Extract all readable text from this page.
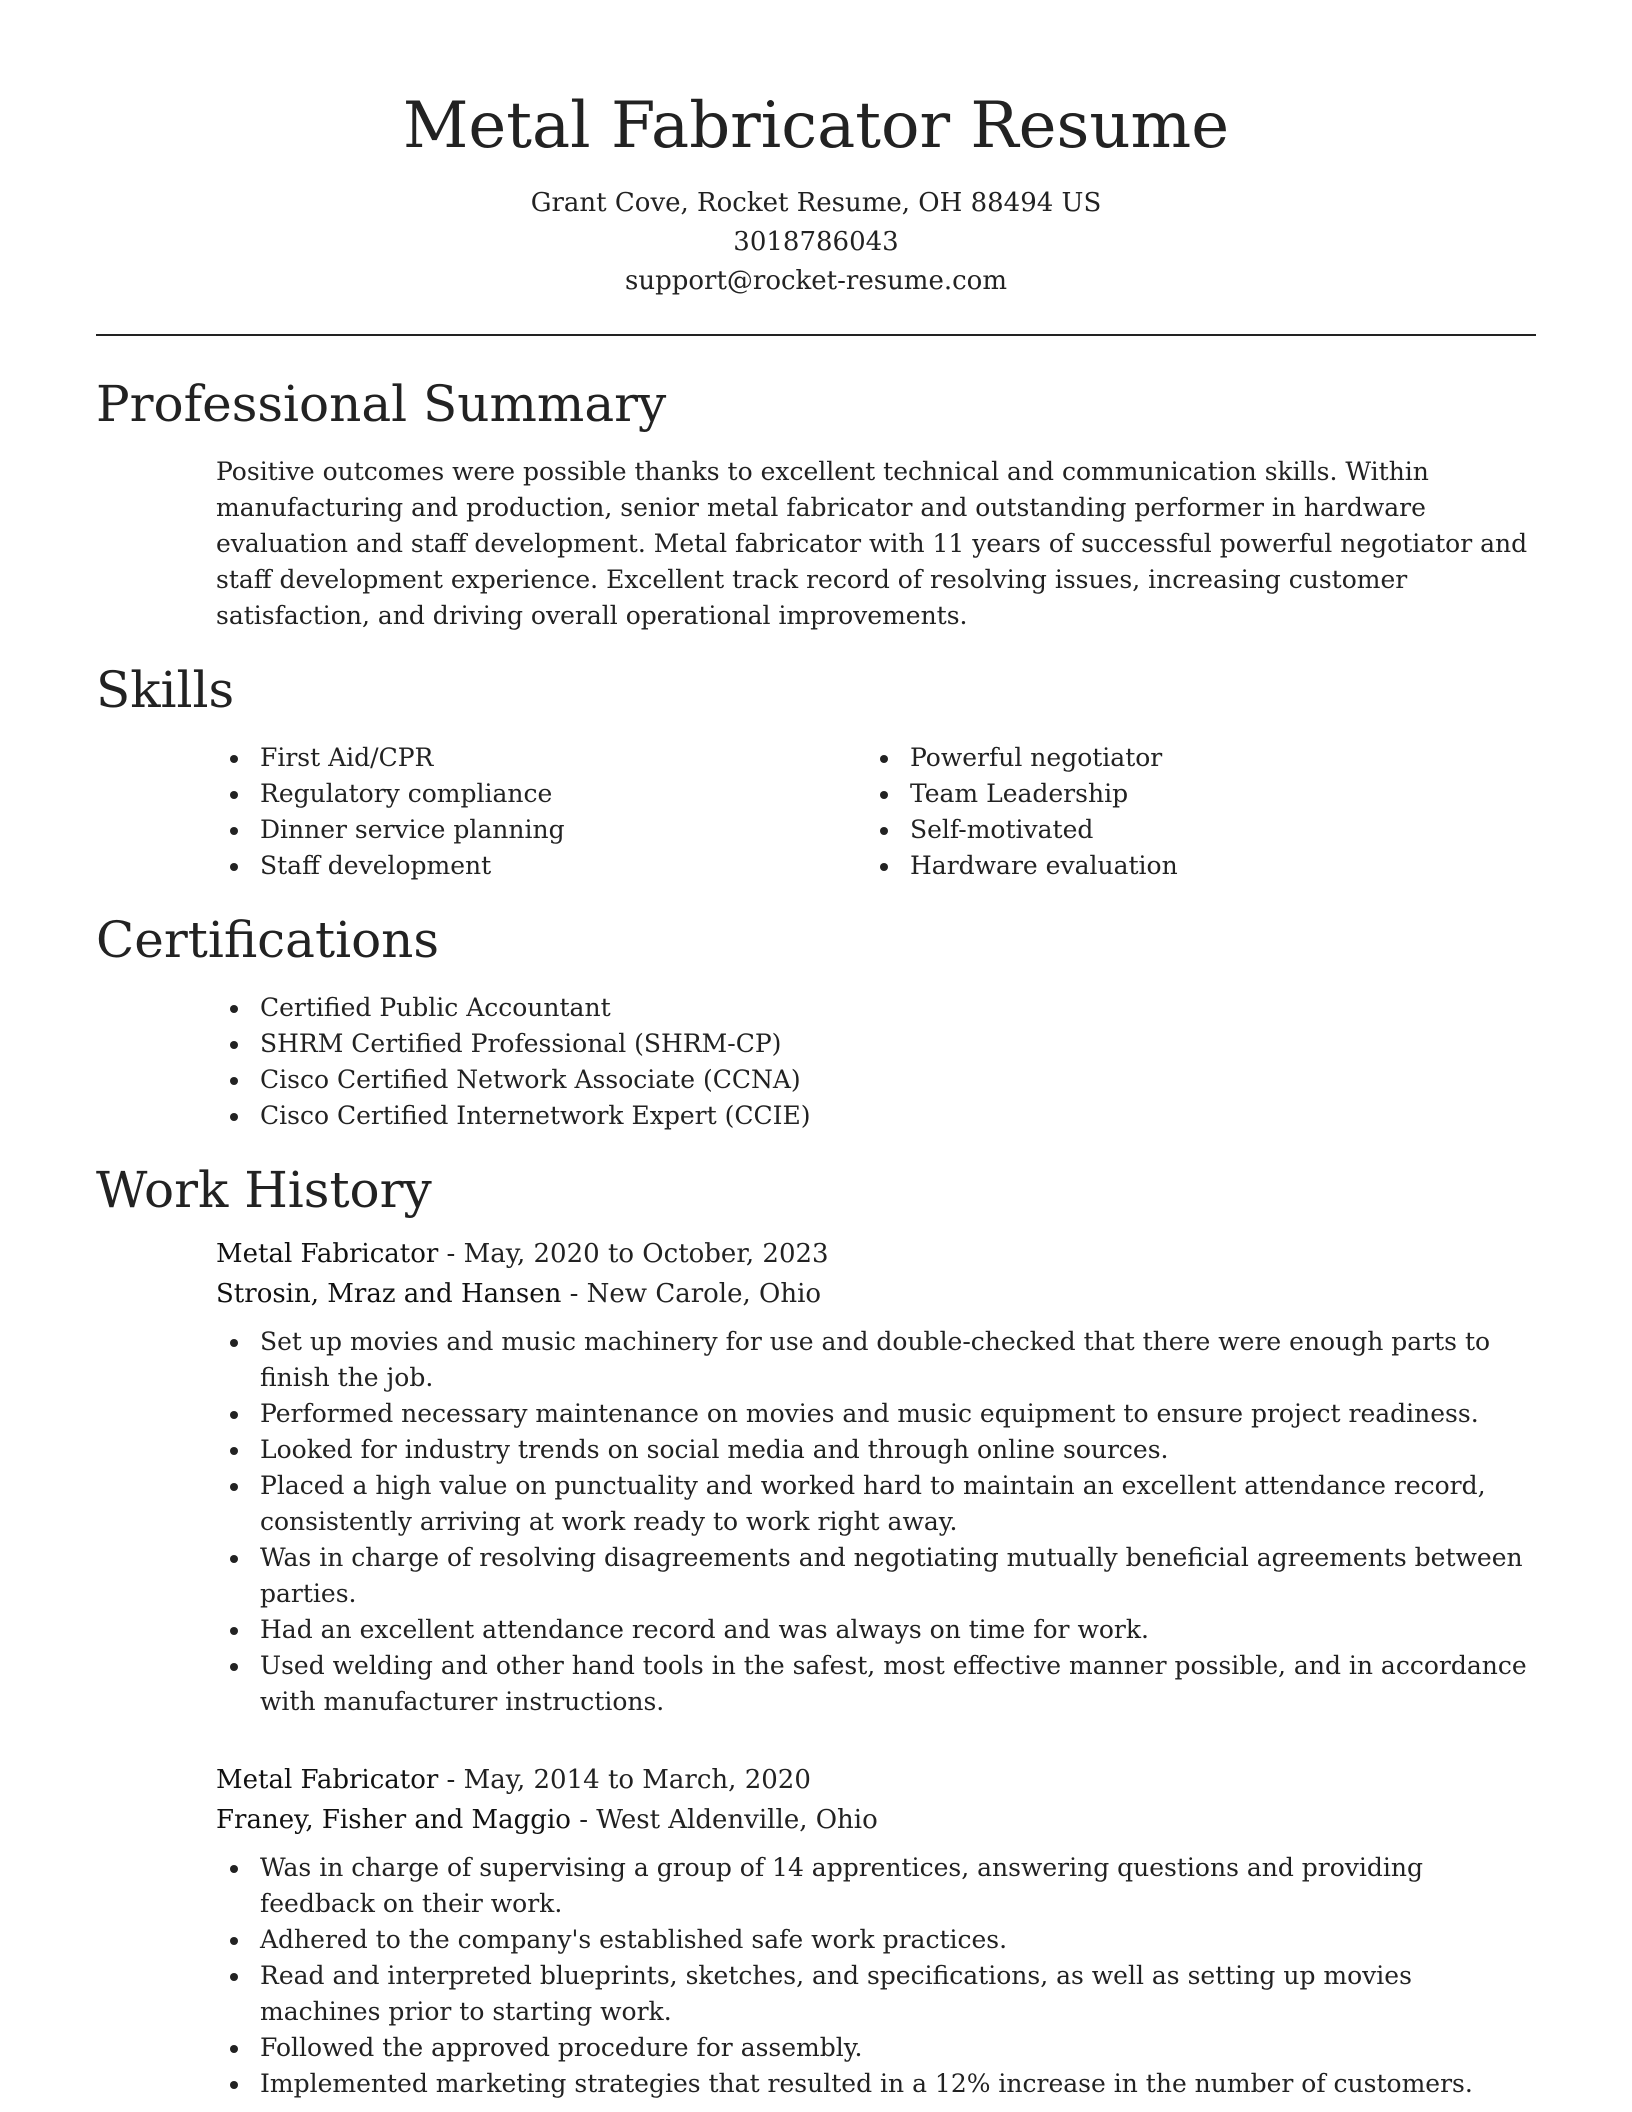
Metal Fabricator Resume
Grant Cove, Rocket Resume, OH 88494 US
3018786043
support@rocket-resume.com
Professional Summary

Positive outcomes were possible thanks to excellent technical and communication skills. Within manufacturing and production, senior metal fabricator and outstanding performer in hardware evaluation and staff development. Metal fabricator with 11 years of successful powerful negotiator and staff development experience. Excellent track record of resolving issues, increasing customer satisfaction, and driving overall operational improvements.

Skills
First Aid/CPR
Regulatory compliance
Dinner service planning
Staff development
Powerful negotiator
Team Leadership
Self-motivated
Hardware evaluation
Certifications
Certified Public Accountant
SHRM Certified Professional (SHRM-CP)
Cisco Certified Network Associate (CCNA)
Cisco Certified Internetwork Expert (CCIE)
Work History
Metal Fabricator - May, 2020 to October, 2023
Strosin, Mraz and Hansen - New Carole, Ohio
Set up movies and music machinery for use and double-checked that there were enough parts to finish the job.
Performed necessary maintenance on movies and music equipment to ensure project readiness.
Looked for industry trends on social media and through online sources.
Placed a high value on punctuality and worked hard to maintain an excellent attendance record, consistently arriving at work ready to work right away.
Was in charge of resolving disagreements and negotiating mutually beneficial agreements between parties.
Had an excellent attendance record and was always on time for work.
Used welding and other hand tools in the safest, most effective manner possible, and in accordance with manufacturer instructions.
Metal Fabricator - May, 2014 to March, 2020
Franey, Fisher and Maggio - West Aldenville, Ohio
Was in charge of supervising a group of 14 apprentices, answering questions and providing feedback on their work.
Adhered to the company's established safe work practices.
Read and interpreted blueprints, sketches, and specifications, as well as setting up movies machines prior to starting work.
Followed the approved procedure for assembly.
Implemented marketing strategies that resulted in a 12% increase in the number of customers.
